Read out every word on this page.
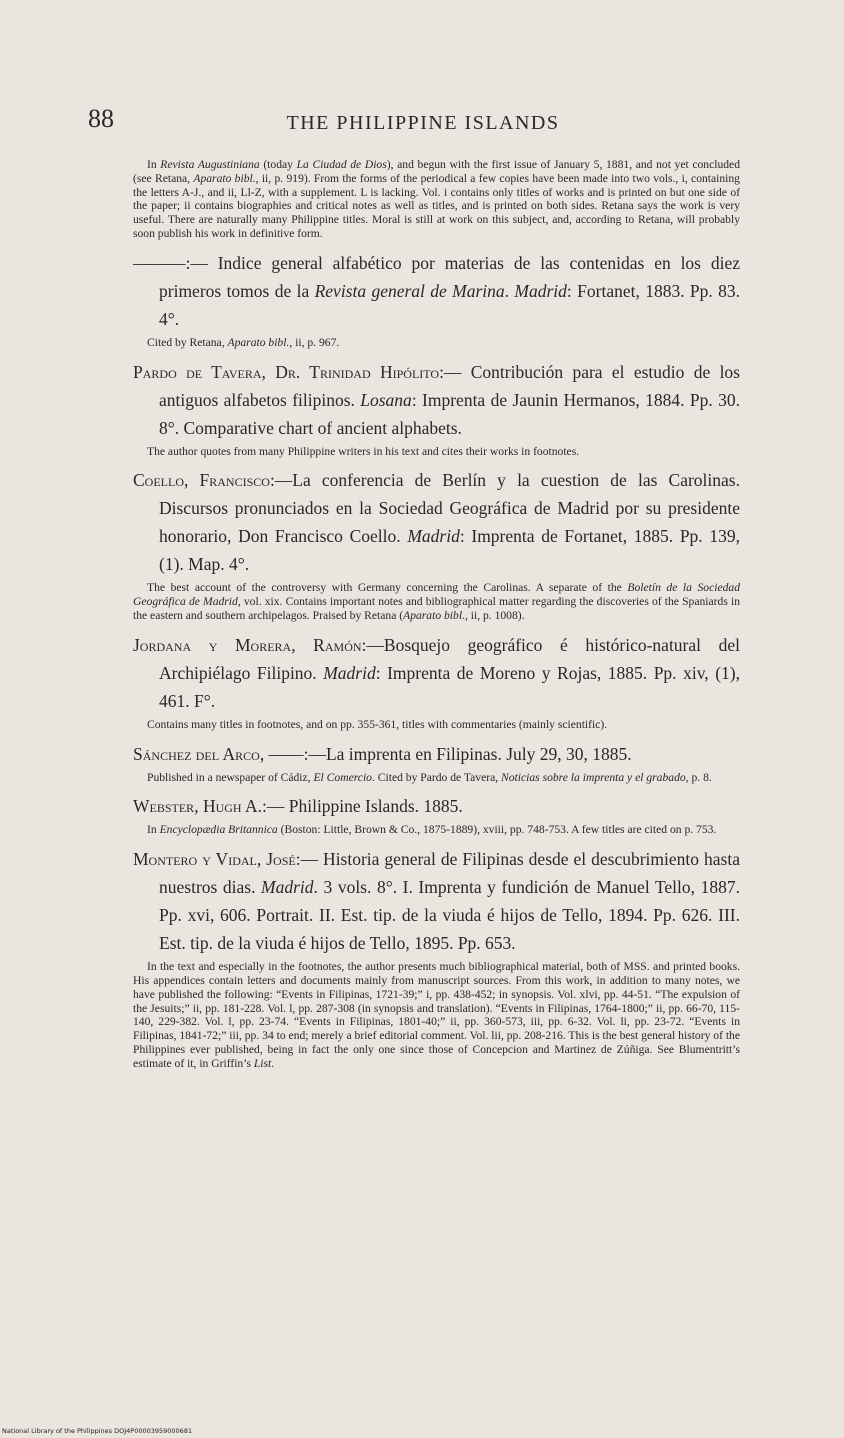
88	THE PHILIPPINE ISLANDS

In Revista Augustiniana (today La Ciudad de Dios), and begun with the first issue of January 5, 1881, and not yet concluded (see Retana, Aparato bibl., ii, p. 919). From the forms of the periodical a few copies have been made into two vols., i, containing the letters A-J., and ii, Ll-Z, with a supplement. L is lacking. Vol. i contains only titles of works and is printed on but one side of the paper; ii contains biographies and critical notes as well as titles, and is printed on both sides. Retana says the work is very useful. There are naturally many Philippine titles. Moral is still at work on this subject, and, according to Retana, will probably soon publish his work in definitive form.

———:— Indice general alfabético por materias de las contenidas en los diez primeros tomos de la Revista general de Marina. Madrid: Fortanet, 1883. Pp. 83. 4°.

Cited by Retana, Aparato bibl., ii, p. 967.

Pardo de Tavera, Dr. Trinidad Hipólito:— Contribución para el estudio de los antiguos alfabetos filipinos. Losana: Imprenta de Jaunin Hermanos, 1884. Pp. 30. 8°. Comparative chart of ancient alphabets.

The author quotes from many Philippine writers in his text and cites their works in footnotes.

Coello, Francisco:—La conferencia de Berlín y la cuestion de las Carolinas. Discursos pronunciados en la Sociedad Geográfica de Madrid por su presidente honorario, Don Francisco Coello. Madrid: Imprenta de Fortanet, 1885. Pp. 139, (1). Map. 4°.

The best account of the controversy with Germany concerning the Carolinas. A separate of the Boletín de la Sociedad Geográfica de Madrid, vol. xix. Contains important notes and bibliographical matter regarding the discoveries of the Spaniards in the eastern and southern archipelagos. Praised by Retana (Aparato bibl., ii, p. 1008).

Jordana y Morera, Ramón:—Bosquejo geográfico é histórico-natural del Archipiélago Filipino. Madrid: Imprenta de Moreno y Rojas, 1885. Pp. xiv, (1), 461. F°.

Contains many titles in footnotes, and on pp. 355-361, titles with commentaries (mainly scientific).

Sánchez del Arco, ——:—La imprenta en Filipinas. July 29, 30, 1885.

Published in a newspaper of Cádiz, El Comercio. Cited by Pardo de Tavera, Noticias sobre la imprenta y el grabado, p. 8.

Webster, Hugh A.:— Philippine Islands. 1885.

In Encyclopædia Britannica (Boston: Little, Brown & Co., 1875-1889), xviii, pp. 748-753. A few titles are cited on p. 753.

Montero y Vidal, José:— Historia general de Filipinas desde el descubrimiento hasta nuestros dias. Madrid. 3 vols. 8°. I. Imprenta y fundición de Manuel Tello, 1887. Pp. xvi, 606. Portrait. II. Est. tip. de la viuda é hijos de Tello, 1894. Pp. 626. III. Est. tip. de la viuda é hijos de Tello, 1895. Pp. 653.

In the text and especially in the footnotes, the author presents much bibliographical material, both of MSS. and printed books. His appendices contain letters and documents mainly from manuscript sources. From this work, in addition to many notes, we have published the following: “Events in Filipinas, 1721-39;” i, pp. 438-452; in synopsis. Vol. xlvi, pp. 44-51. “The expulsion of the Jesuits;” ii, pp. 181-228. Vol. l, pp. 287-308 (in synopsis and translation). “Events in Filipinas, 1764-1800;” ii, pp. 66-70, 115-140, 229-382. Vol. l, pp. 23-74. “Events in Filipinas, 1801-40;” ii, pp. 360-573, iii, pp. 6-32. Vol. li, pp. 23-72. “Events in Filipinas, 1841-72;” iii, pp. 34 to end; merely a brief editorial comment. Vol. lii, pp. 208-216. This is the best general history of the Philippines ever published, being in fact the only one since those of Concepcion and Martinez de Zúñiga. See Blumentritt’s estimate of it, in Griffin’s List.

National Library of the Philippines DOJ4P00003959000681
